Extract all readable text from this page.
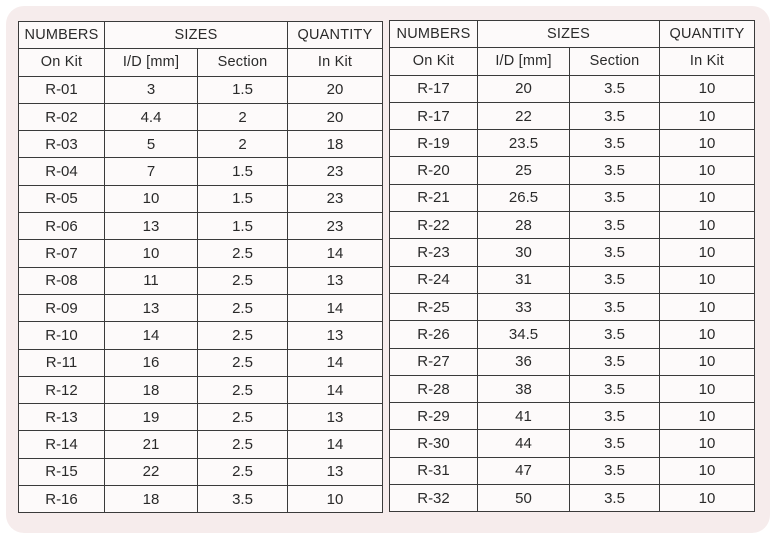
NUMBERS	SIZES		QUANTITY
On Kit	I/D [mm]	Section	In Kit
R-01	3	1.5	20
R-02	4.4	2	20
R-03	5	2	18
R-04	7	1.5	23
R-05	10	1.5	23
R-06	13	1.5	23
R-07	10	2.5	14
R-08	11	2.5	13
R-09	13	2.5	14
R-10	14	2.5	13
R-11	16	2.5	14
R-12	18	2.5	14
R-13	19	2.5	13
R-14	21	2.5	14
R-15	22	2.5	13
R-16	18	3.5	10
NUMBERS	SIZES		QUANTITY
On Kit	I/D [mm]	Section	In Kit
R-17	20	3.5	10
R-17	22	3.5	10
R-19	23.5	3.5	10
R-20	25	3.5	10
R-21	26.5	3.5	10
R-22	28	3.5	10
R-23	30	3.5	10
R-24	31	3.5	10
R-25	33	3.5	10
R-26	34.5	3.5	10
R-27	36	3.5	10
R-28	38	3.5	10
R-29	41	3.5	10
R-30	44	3.5	10
R-31	47	3.5	10
R-32	50	3.5	10
